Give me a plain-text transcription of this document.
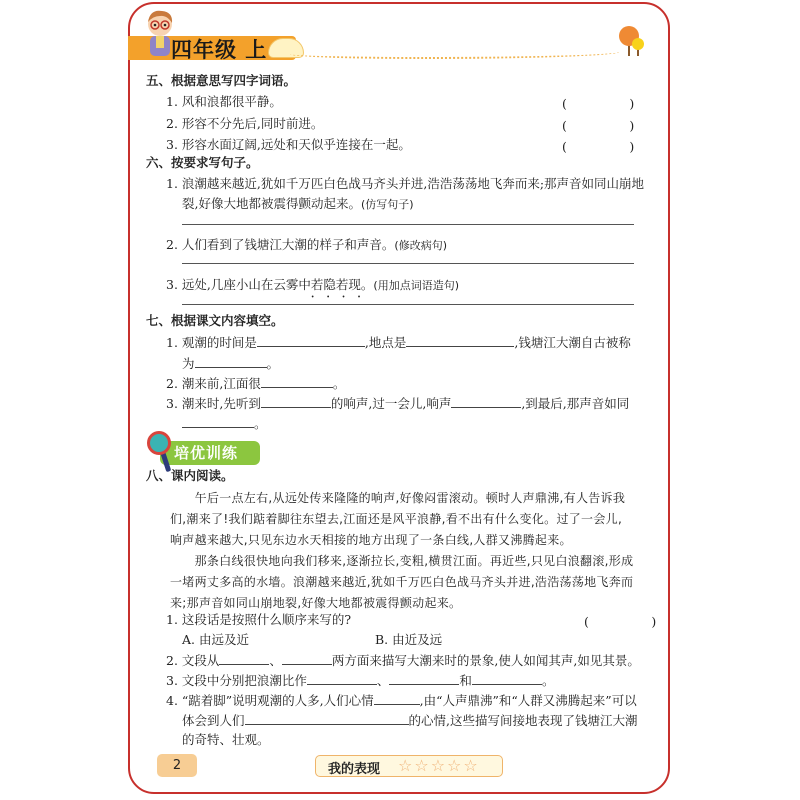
四年级 上
五、根据意思写四字词语。
1. 风和浪都很平静。	(　　　　　)
2. 形容不分先后,同时前进。	(　　　　　)
3. 形容水面辽阔,远处和天似乎连接在一起。	(　　　　　)
六、按要求写句子。
1. 浪潮越来越近,犹如千万匹白色战马齐头并进,浩浩荡荡地飞奔而来;那声音如同山崩地
裂,好像大地都被震得颤动起来。(仿写句子)
2. 人们看到了钱塘江大潮的样子和声音。(修改病句)
3. 远处,几座小山在云雾中若隐若现 • • • •。(用加点词语造句)
七、根据课文内容填空。
1. 观潮的时间是	,地点是	,钱塘江大潮自古被称
为	。
2. 潮来前,江面很	。
3. 潮来时,先听到	的响声,过一会儿,响声	,到最后,那声音如同
。
培优训练
八、课内阅读。
　　午后一点左右,从远处传来隆隆的响声,好像闷雷滚动。顿时人声鼎沸,有人告诉我
们,潮来了!我们踮着脚往东望去,江面还是风平浪静,看不出有什么变化。过了一会儿,
响声越来越大,只见东边水天相接的地方出现了一条白线,人群又沸腾起来。
　　那条白线很快地向我们移来,逐渐拉长,变粗,横贯江面。再近些,只见白浪翻滚,形成
一堵两丈多高的水墙。浪潮越来越近,犹如千万匹白色战马齐头并进,浩浩荡荡地飞奔而
来;那声音如同山崩地裂,好像大地都被震得颤动起来。
1. 这段话是按照什么顺序来写的?	(　　　　　)
A. 由远及近	B. 由近及远
2. 文段从	、	两方面来描写大潮来时的景象,使人如闻其声,如见其景。
3. 文段中分别把浪潮比作	、	和	。
4. “踮着脚”说明观潮的人多,人们心情	,由“人声鼎沸”和“人群又沸腾起来”可以
体会到人们	的心情,这些描写间接地表现了钱塘江大潮
的奇特、壮观。
2	我的表现 ☆☆☆☆☆
